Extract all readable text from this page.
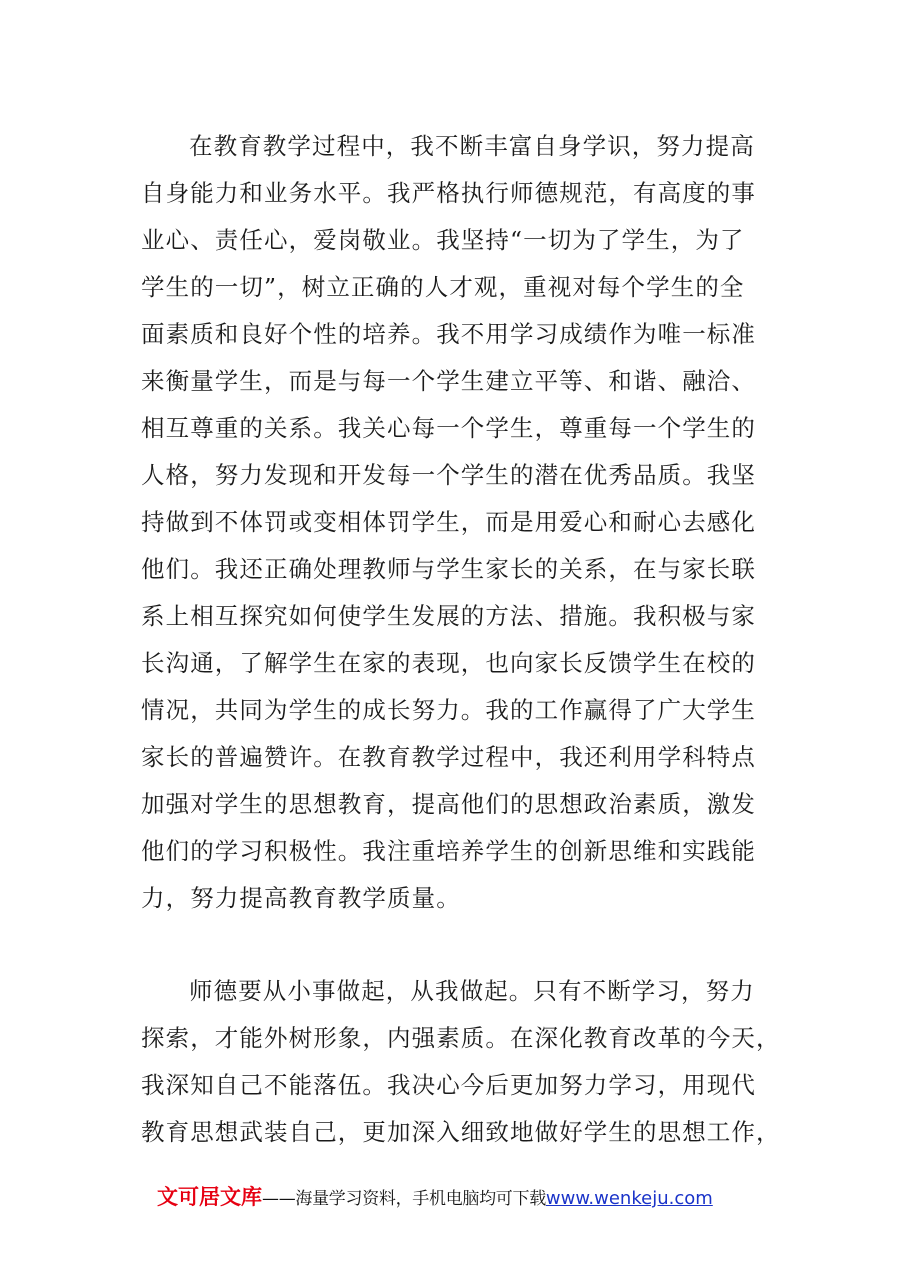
在教育教学过程中，我不断丰富自身学识，努力提高
自身能力和业务水平。我严格执行师德规范，有高度的事
业心、责任心，爱岗敬业。我坚持“一切为了学生，为了
学生的一切”，树立正确的人才观，重视对每个学生的全
面素质和良好个性的培养。我不用学习成绩作为唯一标准
来衡量学生，而是与每一个学生建立平等、和谐、融洽、
相互尊重的关系。我关心每一个学生，尊重每一个学生的
人格，努力发现和开发每一个学生的潜在优秀品质。我坚
持做到不体罚或变相体罚学生，而是用爱心和耐心去感化
他们。我还正确处理教师与学生家长的关系，在与家长联
系上相互探究如何使学生发展的方法、措施。我积极与家
长沟通，了解学生在家的表现，也向家长反馈学生在校的
情况，共同为学生的成长努力。我的工作赢得了广大学生
家长的普遍赞许。在教育教学过程中，我还利用学科特点
加强对学生的思想教育，提高他们的思想政治素质，激发
他们的学习积极性。我注重培养学生的创新思维和实践能
力，努力提高教育教学质量。
师德要从小事做起，从我做起。只有不断学习，努力
探索，才能外树形象，内强素质。在深化教育改革的今天，
我深知自己不能落伍。我决心今后更加努力学习，用现代
教育思想武装自己，更加深入细致地做好学生的思想工作，
文可居文库——海量学习资料，手机电脑均可下载www.wenkeju.com
